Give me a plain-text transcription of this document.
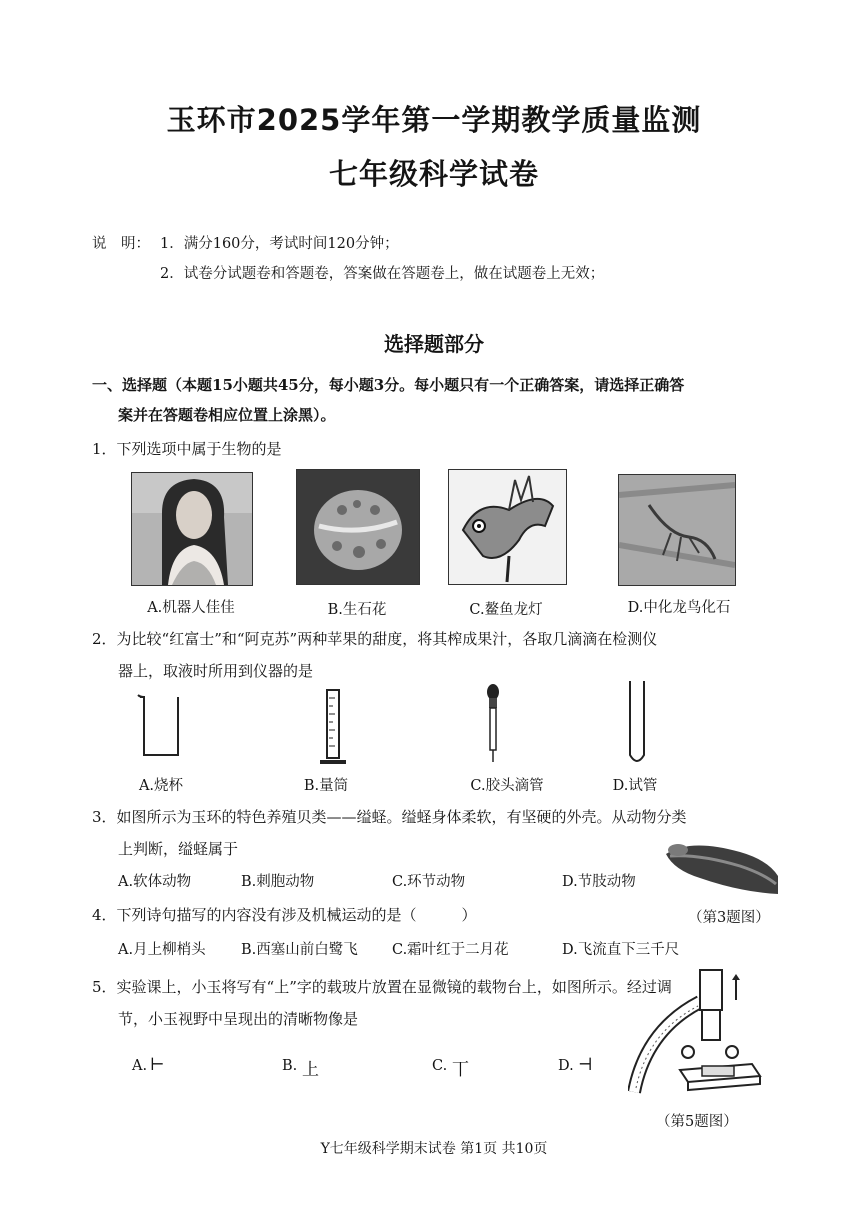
玉环市2025学年第一学期教学质量监测
七年级科学试卷
说　明： 1．满分160分，考试时间120分钟；
2．试卷分试题卷和答题卷，答案做在答题卷上，做在试题卷上无效；
选择题部分
一、选择题（本题15小题共45分，每小题3分。每小题只有一个正确答案，请选择正确答
案并在答题卷相应位置上涂黑）。
1．下列选项中属于生物的是
A.机器人佳佳	B.生石花	C.鳌鱼龙灯	D.中化龙鸟化石
2．为比较“红富士”和“阿克苏”两种苹果的甜度，将其榨成果汁，各取几滴滴在检测仪
器上，取液时所用到仪器的是
A.烧杯	B.量筒	C.胶头滴管	D.试管
3．如图所示为玉环的特色养殖贝类——缢蛏。缢蛏身体柔软，有坚硬的外壳。从动物分类
上判断，缢蛏属于
A.软体动物	B.刺胞动物	C.环节动物	D.节肢动物
（第3题图）
4．下列诗句描写的内容没有涉及机械运动的是（　　　）
A.月上柳梢头 B.西塞山前白鹭飞 C.霜叶红于二月花	D.飞流直下三千尺
5．实验课上，小玉将写有“上”字的载玻片放置在显微镜的载物台上，如图所示。经过调
节，小玉视野中呈现出的清晰物像是
A. ⊢	B. 上	C. 丅	D. ⊣
（第5题图）
Y七年级科学期末试卷 第1页 共10页
